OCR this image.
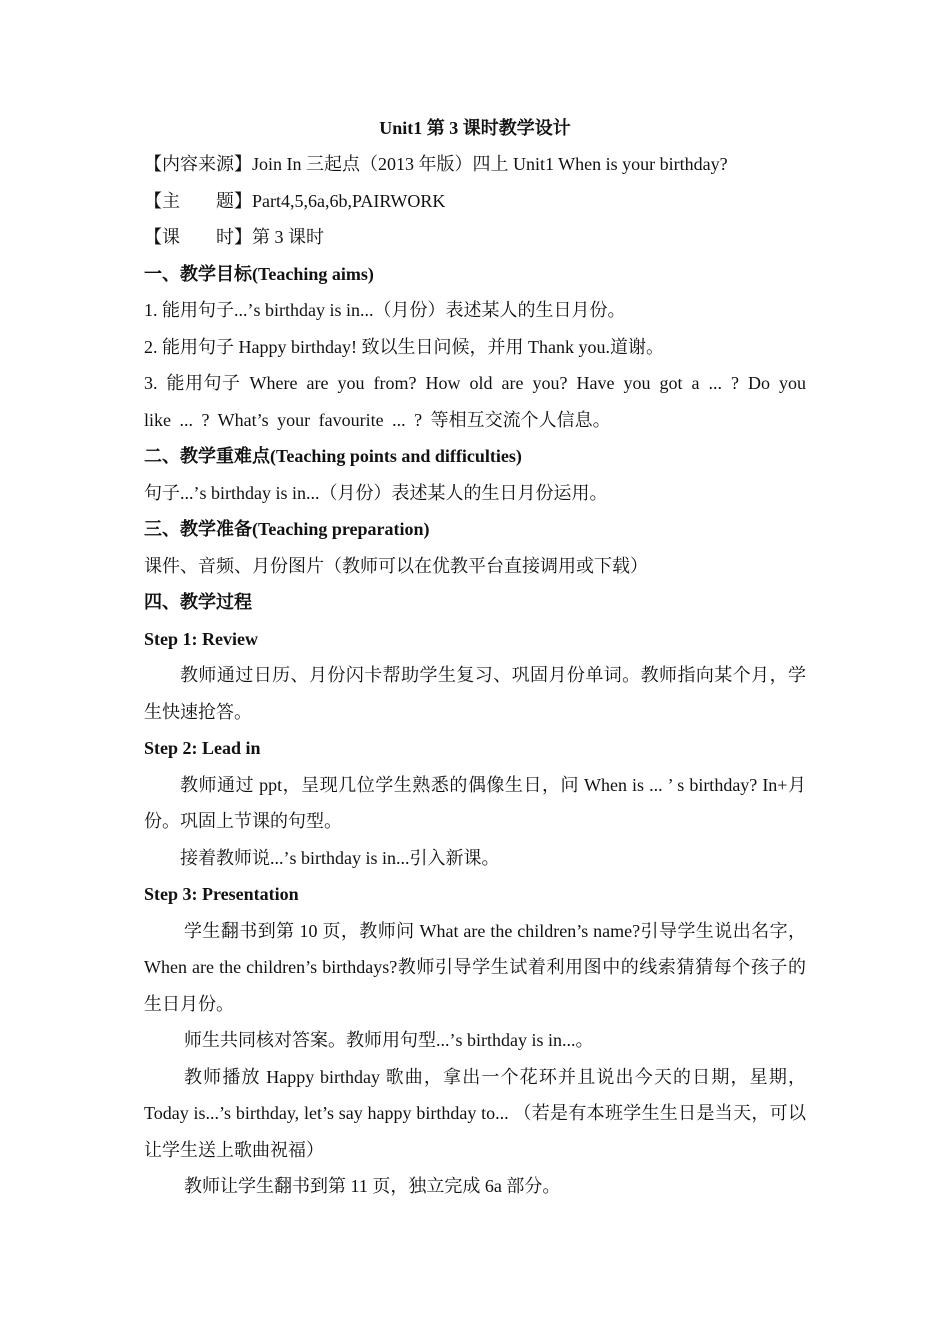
Unit1 第 3 课时教学设计

【内容来源】Join In 三起点（2013 年版）四上 Unit1 When is your birthday?

【主 题】Part4,5,6a,6b,PAIRWORK

【课 时】第 3 课时

一、教学目标(Teaching aims)

1. 能用句子...’s birthday is in...（月份）表述某人的生日月份。

2. 能用句子 Happy birthday! 致以生日问候，并用 Thank you.道谢。

3. 能用句子 Where are you from? How old are you? Have you got a ... ? Do you like ... ? What’s your favourite ... ? 等相互交流个人信息。

二、教学重难点(Teaching points and difficulties)

句子...’s birthday is in...（月份）表述某人的生日月份运用。

三、教学准备(Teaching preparation)

课件、音频、月份图片（教师可以在优教平台直接调用或下载）

四、教学过程

Step 1: Review

教师通过日历、月份闪卡帮助学生复习、巩固月份单词。教师指向某个月，学生快速抢答。

Step 2: Lead in

教师通过 ppt，呈现几位学生熟悉的偶像生日，问 When is ... ’ s birthday? In+月份。巩固上节课的句型。

接着教师说...’s birthday is in...引入新课。

Step 3: Presentation

学生翻书到第 10 页，教师问 What are the children’s name?引导学生说出名字，When are the children’s birthdays?教师引导学生试着利用图中的线索猜猜每个孩子的生日月份。

师生共同核对答案。教师用句型...’s birthday is in...。

教师播放 Happy birthday 歌曲，拿出一个花环并且说出今天的日期，星期，Today is...’s birthday, let’s say happy birthday to... （若是有本班学生生日是当天，可以让学生送上歌曲祝福）

教师让学生翻书到第 11 页，独立完成 6a 部分。
